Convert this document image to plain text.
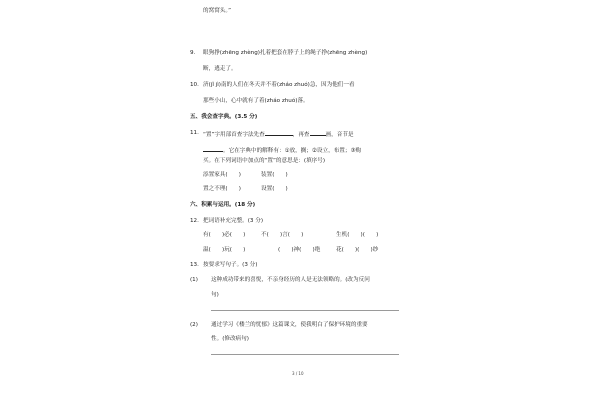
的窝窝头。”
9. 眼狗挣(zhēng zhèng)扎着把套在脖子上的绳子挣(zhēng zhèng)
断，逃走了。
10. 济(jǐ jì)南的人们在冬天并不着(zháo zhuó)急，因为他们一看
那些小山，心中就有了着(zháo zhuó)落。
五、我会查字典。(3.5 分)
11. “置”字用部首查字法先查	，再查	画，音节是
。它在字典中的解释有：①放，搁；②设立，布置；③购
买。在下列词语中加点的“置”的意思是：(填序号)
添置家具(　　)	装置(　　)
置之不理(　　)	设置(　　)
六、积累与运用。(18 分)
12. 把词语补充完整。(3 分)
有(　　)必(　　)	不(　　)言(　　)	生机(　　)(　　)
温(　　)玩(　　)	(　　)神(　　)绝	花(　　)(　　)纱
13. 按要求写句子。(3 分)
(1) 这种成功带来的喜悦，不亲身经历的人是无法领略的。(改为反问
句)
(2) 通过学习《楼兰的忧郁》这篇课文，使我明白了保护环境的重要
性。(修改病句)
3 / 10
